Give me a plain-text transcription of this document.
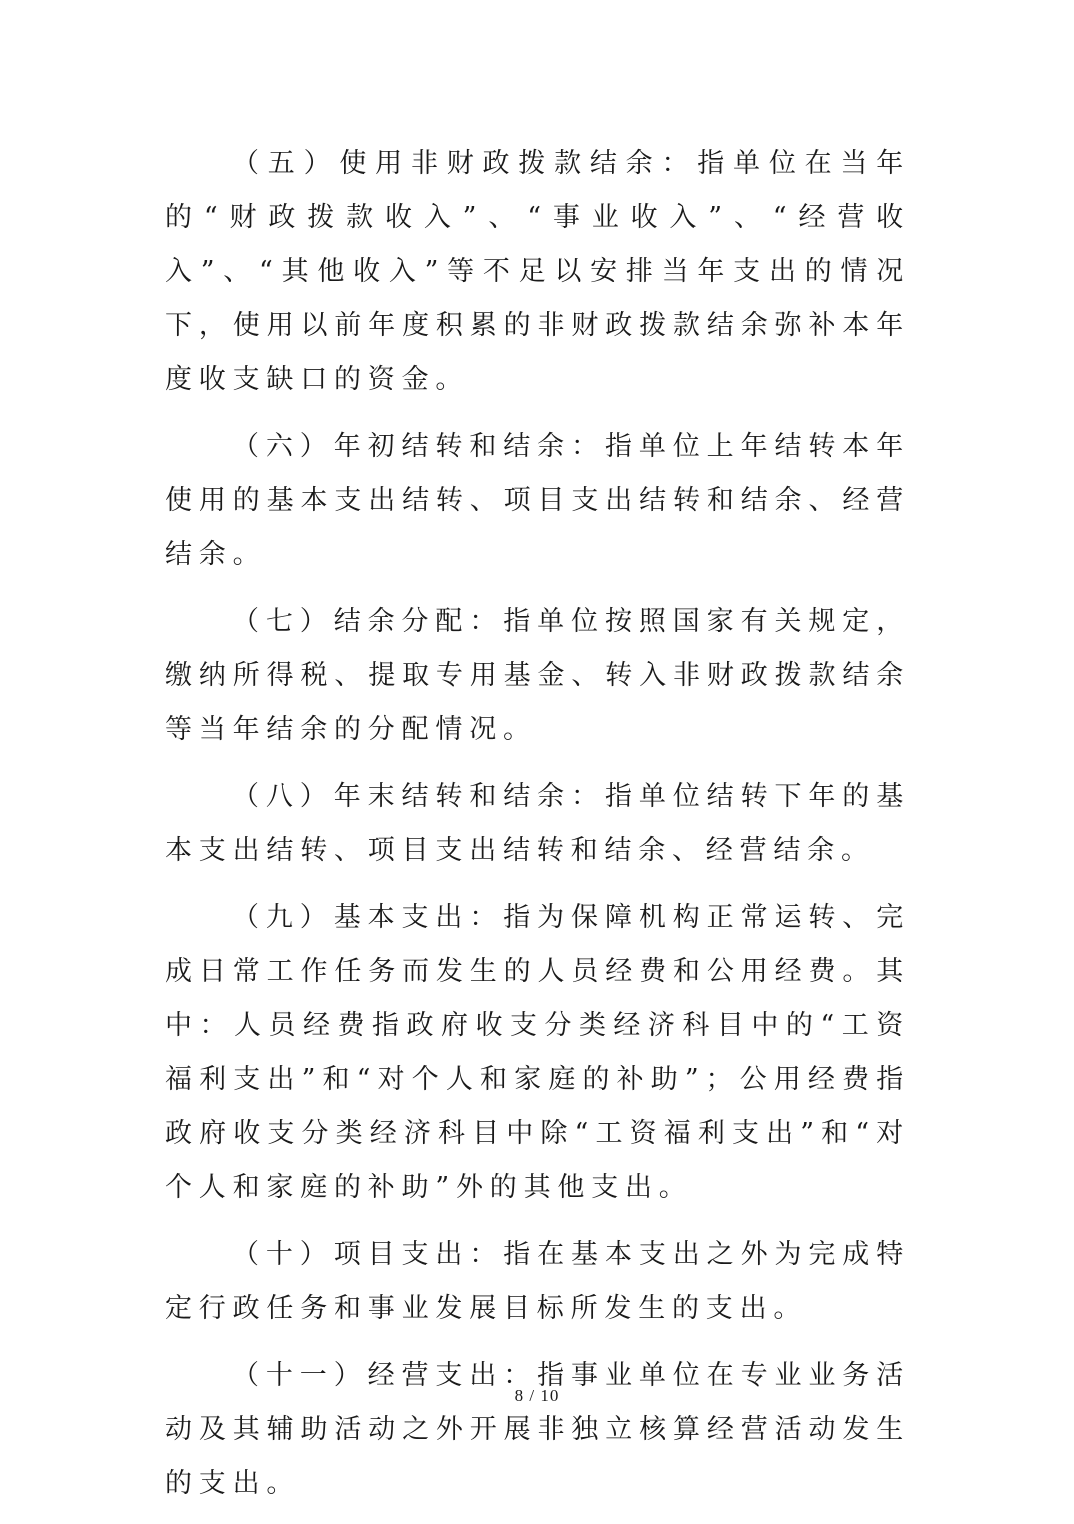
（五）使用非财政拨款结余：指单位在当年的“财政拨款收入”、“事业收入”、“经营收入”、“其他收入”等不足以安排当年支出的情况下，使用以前年度积累的非财政拨款结余弥补本年度收支缺口的资金。

（六）年初结转和结余：指单位上年结转本年使用的基本支出结转、项目支出结转和结余、经营结余。

（七）结余分配：指单位按照国家有关规定，缴纳所得税、提取专用基金、转入非财政拨款结余等当年结余的分配情况。

（八）年末结转和结余：指单位结转下年的基本支出结转、项目支出结转和结余、经营结余。

（九）基本支出：指为保障机构正常运转、完成日常工作任务而发生的人员经费和公用经费。其中：人员经费指政府收支分类经济科目中的“工资福利支出”和“对个人和家庭的补助”；公用经费指政府收支分类经济科目中除“工资福利支出”和“对个人和家庭的补助”外的其他支出。

（十）项目支出：指在基本支出之外为完成特定行政任务和事业发展目标所发生的支出。

（十一）经营支出：指事业单位在专业业务活动及其辅助活动之外开展非独立核算经营活动发生的支出。

8 / 10
